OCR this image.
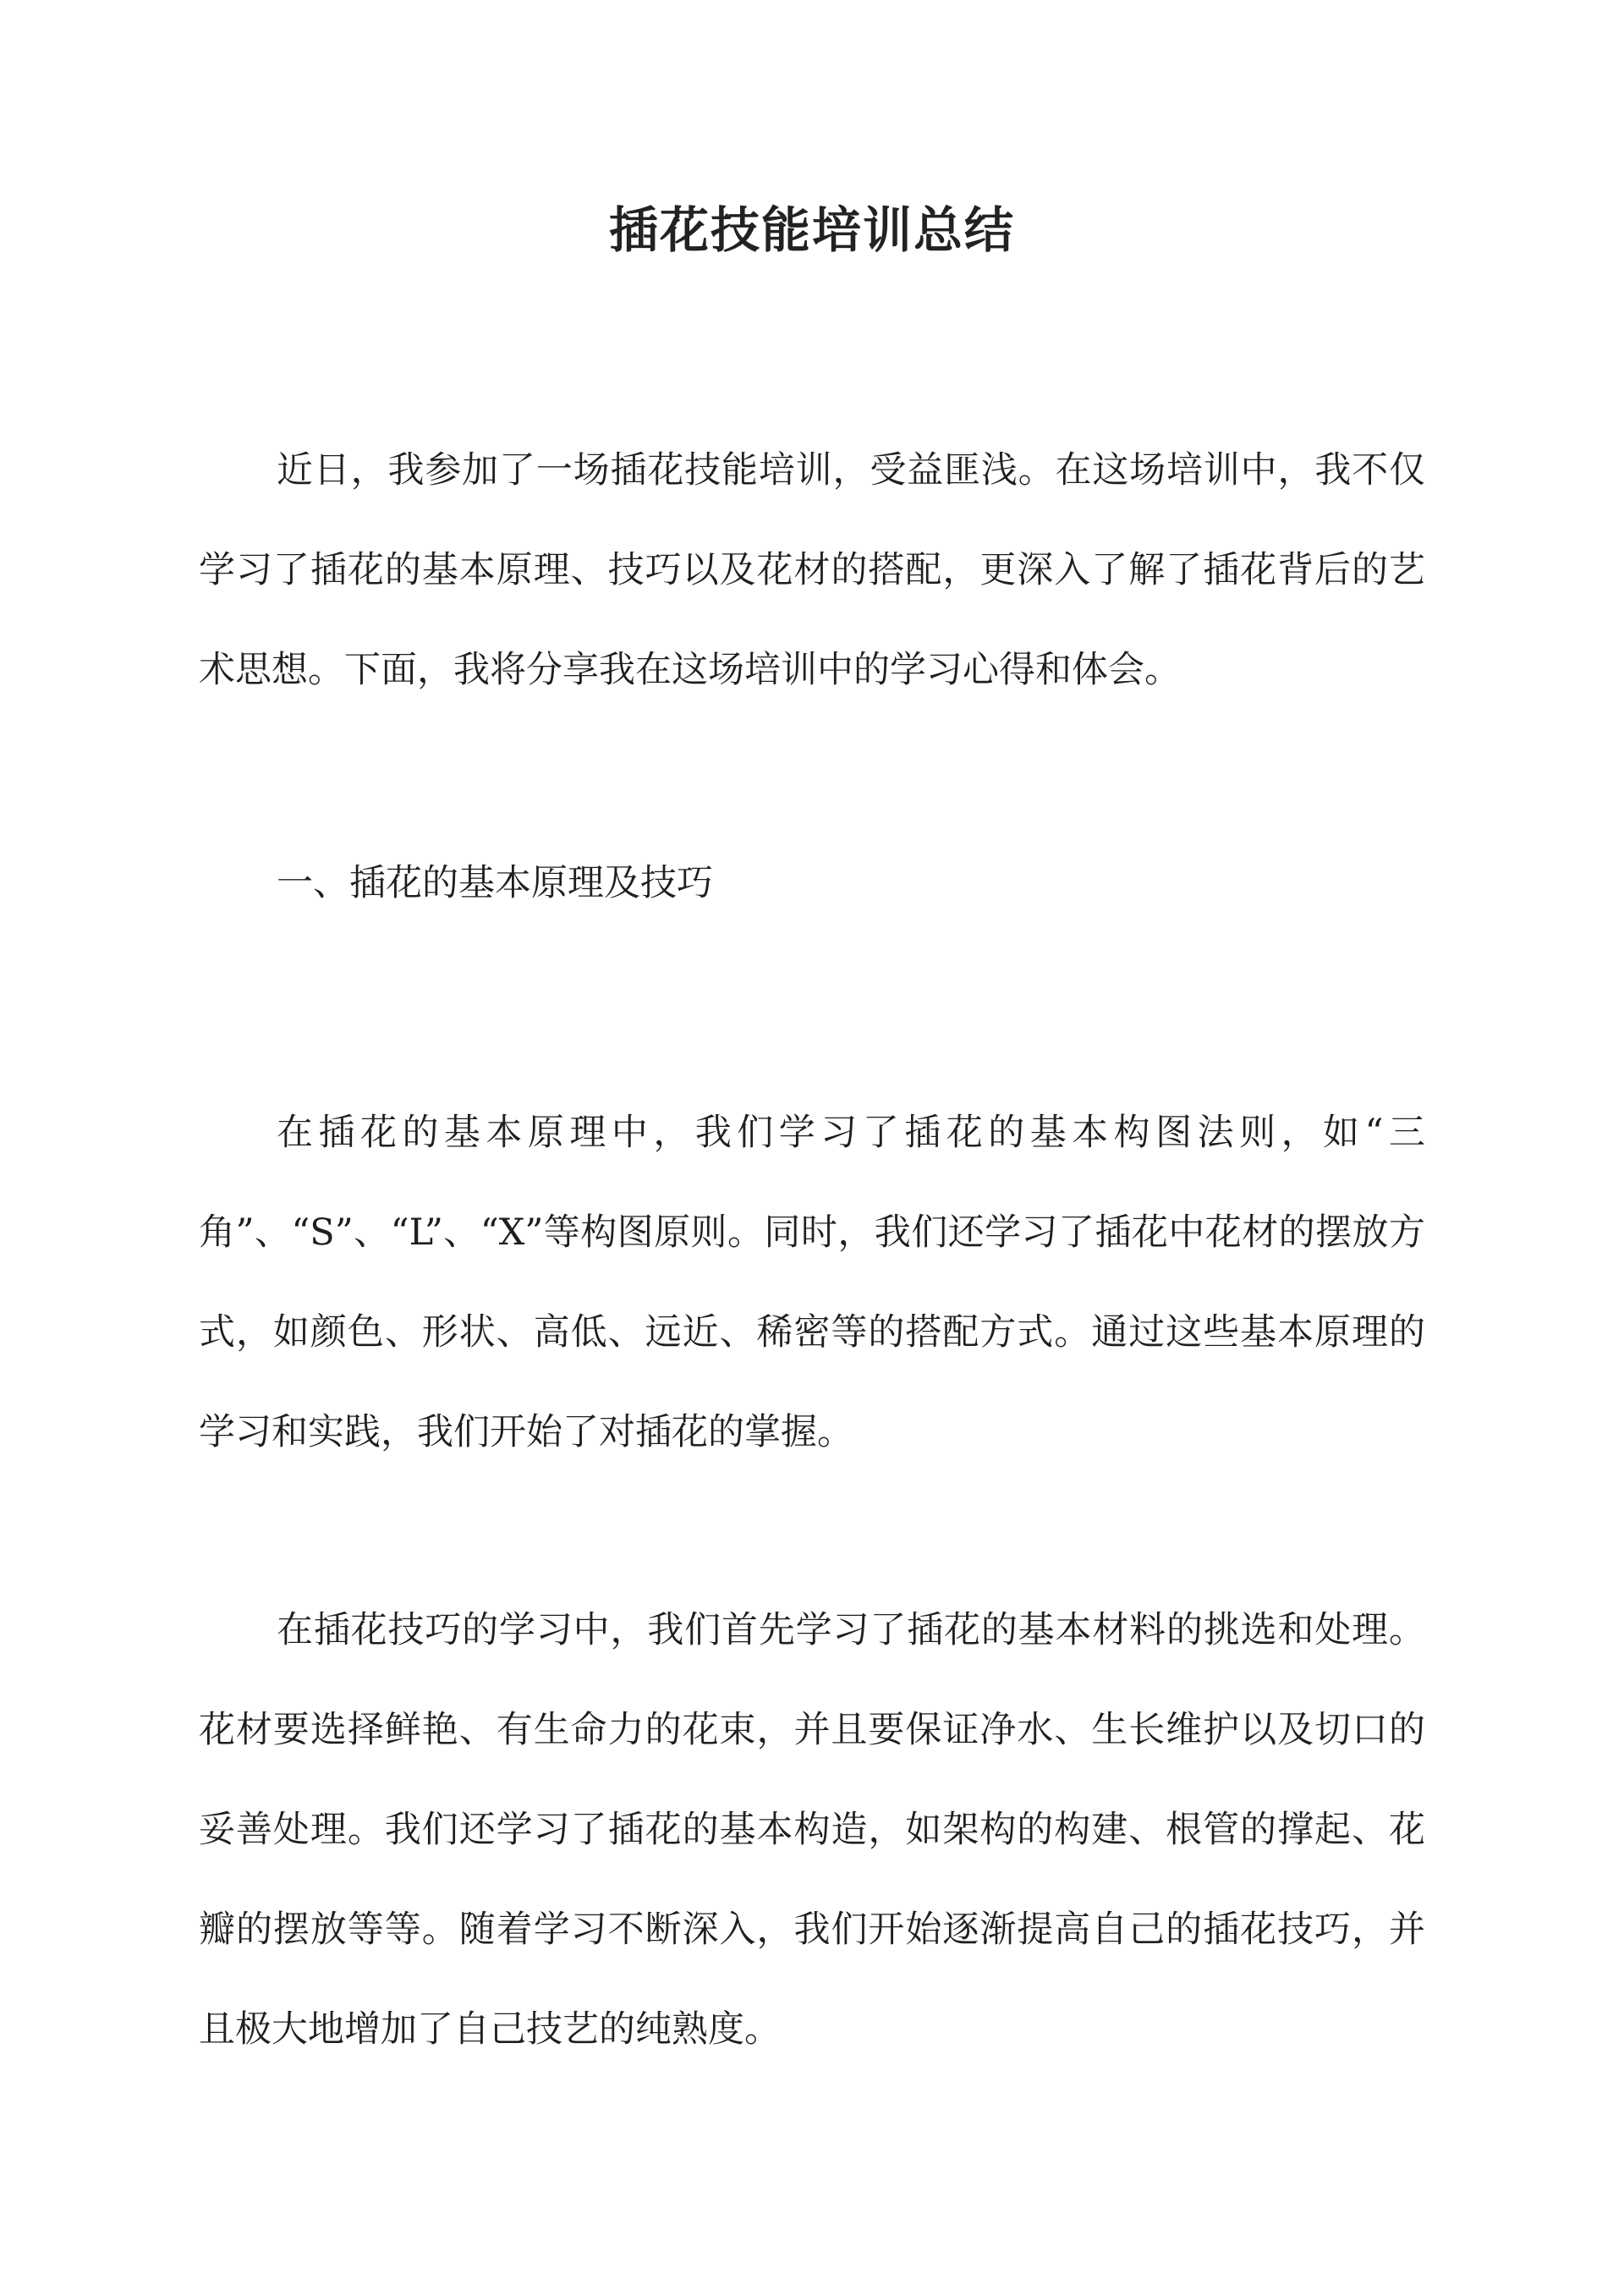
插花技能培训总结

近日，我参加了一场插花技能培训，受益匪浅。在这场培训中，我不仅学习了插花的基本原理、技巧以及花材的搭配，更深入了解了插花背后的艺术思想。下面，我将分享我在这场培训中的学习心得和体会。

一、插花的基本原理及技巧

在插花的基本原理中，我们学习了插花的基本构图法则，如“三角”、“S”、“L”、“X”等构图原则。同时，我们还学习了插花中花材的摆放方式，如颜色、形状、高低、远近、稀密等的搭配方式。通过这些基本原理的学习和实践，我们开始了对插花的掌握。

在插花技巧的学习中，我们首先学习了插花的基本材料的挑选和处理。花材要选择鲜艳、有生命力的花束，并且要保证净水、生长维护以及切口的妥善处理。我们还学习了插花的基本构造，如架构的构建、根管的撑起、花瓣的摆放等等。随着学习不断深入，我们开始逐渐提高自己的插花技巧，并且极大地增加了自己技艺的纯熟度。
